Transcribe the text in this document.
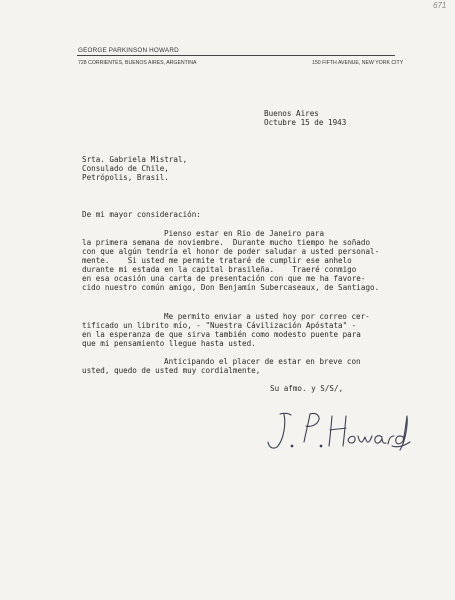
671
GEORGE PARKINSON HOWARD
728 CORRIENTES, BUENOS AIRES, ARGENTINA	150 FIFTH AVENUE, NEW YORK CITY
Buenos Aires
Octubre 15 de 1943
Srta. Gabriela Mistral,
Consulado de Chile,
Petrópolis, Brasil.
De mi mayor consideración:
Pienso estar en Rio de Janeiro para
la primera semana de noviembre.  Durante mucho tiempo he soñado
con que algún tendría el honor de poder saludar a usted personal-
mente.    Si usted me permite trataré de cumplir ese anhelo
durante mi estada en la capital brasileña.    Traeré conmigo
en esa ocasión una carta de presentación con que me ha favore-
cido nuestro común amigo, Don Benjamín Subercaseaux, de Santiago.
Me permito enviar a usted hoy por correo cer-
tificado un librito mío, - "Nuestra Cávilización Apóstata" -
en la esperanza de que sirva también como modesto puente para
que mi pensamiento llegue hasta usted.
Anticipando el placer de estar en breve con
usted, quedo de usted muy cordialmente,
Su afmo. y S/S/,
